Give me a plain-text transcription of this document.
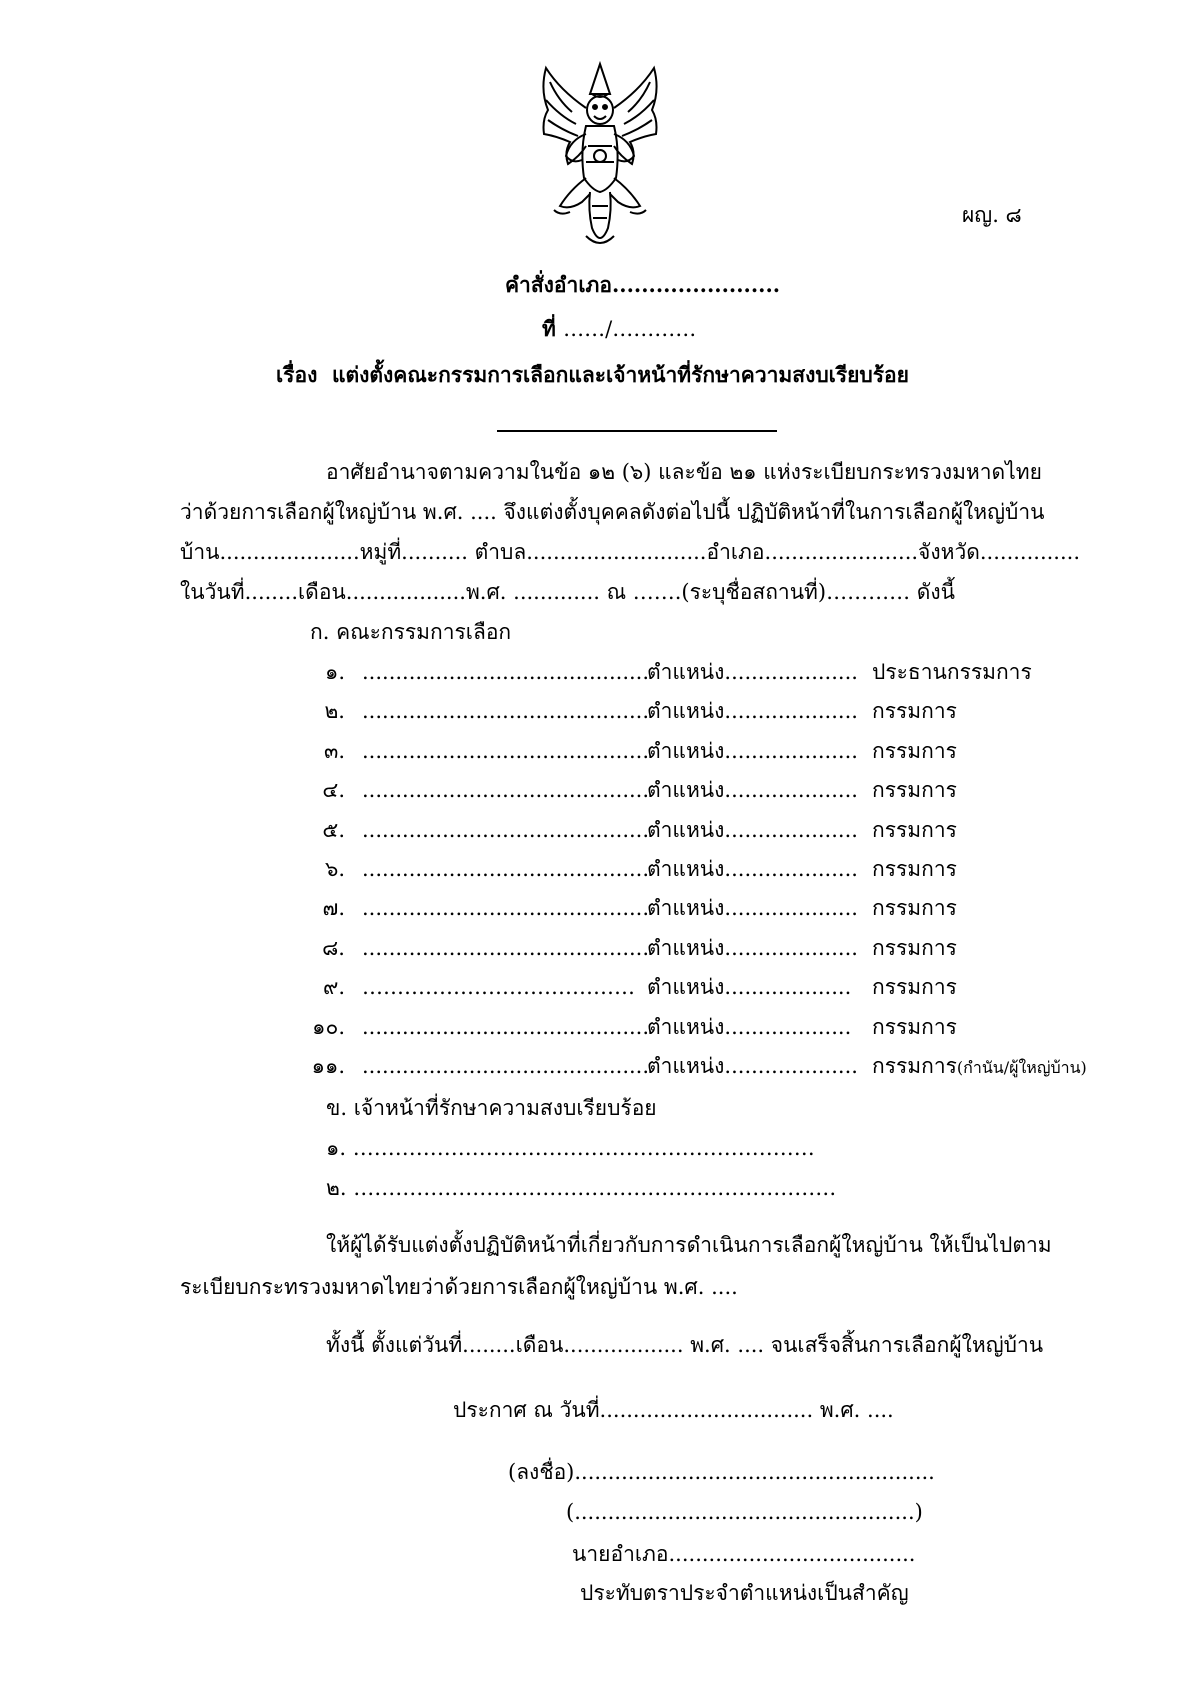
ผญ. ๘
คำสั่งอำเภอ.......................
ที่ ……/…………
เรื่อง แต่งตั้งคณะกรรมการเลือกและเจ้าหน้าที่รักษาความสงบเรียบร้อย
อาศัยอำนาจตามความในข้อ ๑๒ (๖) และข้อ ๒๑ แห่งระเบียบกระทรวงมหาดไทย
ว่าด้วยการเลือกผู้ใหญ่บ้าน พ.ศ. .... จึงแต่งตั้งบุคคลดังต่อไปนี้ ปฏิบัติหน้าที่ในการเลือกผู้ใหญ่บ้าน
บ้าน.....................หมู่ที่.......... ตำบล...........................อำเภอ.......................จังหวัด...............
ในวันที่........เดือน..................พ.ศ. ............. ณ …….(ระบุชื่อสถานที่)………… ดังนี้
ก. คณะกรรมการเลือก
๑. ...........................................
ตำแหน่ง.................... ประธานกรรมการ
๒. ...........................................
ตำแหน่ง.................... กรรมการ
๓. ...........................................
ตำแหน่ง.................... กรรมการ
๔. ...........................................
ตำแหน่ง.................... กรรมการ
๕. ...........................................
ตำแหน่ง.................... กรรมการ
๖. ...........................................
ตำแหน่ง.................... กรรมการ
๗. ...........................................
ตำแหน่ง.................... กรรมการ
๘. ...........................................
ตำแหน่ง.................... กรรมการ
๙. ………………………………… ตำแหน่ง................... กรรมการ
๑๐. ...........................................
ตำแหน่ง................... กรรมการ
๑๑. ...........................................
ตำแหน่ง.................... กรรมการ(กำนัน/ผู้ใหญ่บ้าน)
ข. เจ้าหน้าที่รักษาความสงบเรียบร้อย
๑. …………………………………………………………
๒. ……………………………………………………………
ให้ผู้ได้รับแต่งตั้งปฏิบัติหน้าที่เกี่ยวกับการดำเนินการเลือกผู้ใหญ่บ้าน ให้เป็นไปตาม
ระเบียบกระทรวงมหาดไทยว่าด้วยการเลือกผู้ใหญ่บ้าน พ.ศ. ....
ทั้งนี้ ตั้งแต่วันที่........เดือน.................. พ.ศ. .... จนเสร็จสิ้นการเลือกผู้ใหญ่บ้าน
ประกาศ ณ วันที่................................ พ.ศ. ....
(ลงชื่อ)......................................................
(...................................................)
นายอำเภอ.....................................
ประทับตราประจำตำแหน่งเป็นสำคัญ
